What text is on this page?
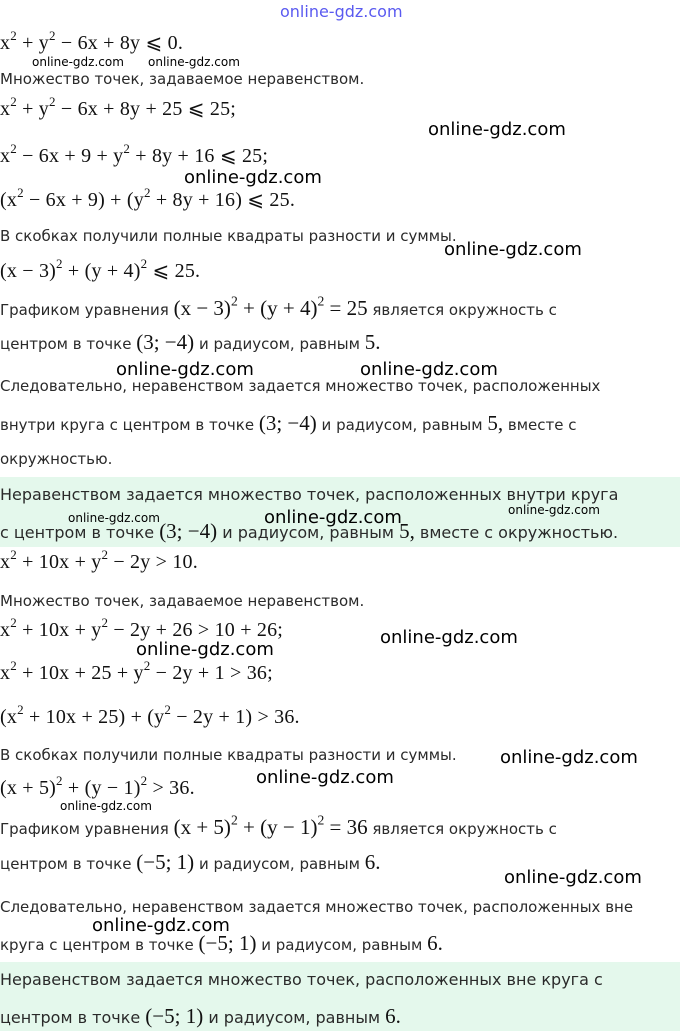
online-gdz.com
$x^2 + y^2 - 6x + 8y$ ⩽ 0.
Множество точек, задаваемое неравенством.
$x^2 + y^2 - 6x + 8y + 25$ ⩽ 25;
$x^2 - 6x + 9 + y^2 + 8y + 16$ ⩽ 25;
$(x^2 - 6x + 9) + (y^2 + 8y + 16)$ ⩽ 25.
В скобках получили полные квадраты разности и суммы.
$(x - 3)^2 + (y + 4)^2$ ⩽ 25.
Графиком уравнения $(x - 3)^2 + (y + 4)^2 = 25$ является окружность с
центром в точке (3; −4) и радиусом, равным 5.
Следовательно, неравенством задается множество точек, расположенных
внутри круга с центром в точке (3; −4) и радиусом, равным 5, вместе с
окружностью.
Неравенством задается множество точек, расположенных внутри круга
с центром в точке (3; −4) и радиусом, равным 5, вместе с окружностью.
$x^2 + 10x + y^2 - 2y > 10$.
Множество точек, задаваемое неравенством.
$x^2 + 10x + y^2 - 2y + 26 > 10 + 26$;
$x^2 + 10x + 25 + y^2 - 2y + 1 > 36$;
$(x^2 + 10x + 25) + (y^2 - 2y + 1) > 36$.
В скобках получили полные квадраты разности и суммы.
$(x + 5)^2 + (y - 1)^2 > 36$.
Графиком уравнения $(x + 5)^2 + (y - 1)^2 = 36$ является окружность с
центром в точке (−5; 1) и радиусом, равным 6.
Следовательно, неравенством задается множество точек, расположенных вне
круга с центром в точке (−5; 1) и радиусом, равным 6.
Неравенством задается множество точек, расположенных вне круга с
центром в точке (−5; 1) и радиусом, равным 6.
online-gdz.com online-gdz.com
online-gdz.com
online-gdz.com
online-gdz.com
online-gdz.com	online-gdz.com
online-gdz.com	online-gdz.com	online-gdz.com
online-gdz.com
online-gdz.com
online-gdz.com
online-gdz.com
online-gdz.com
online-gdz.com
online-gdz.com
